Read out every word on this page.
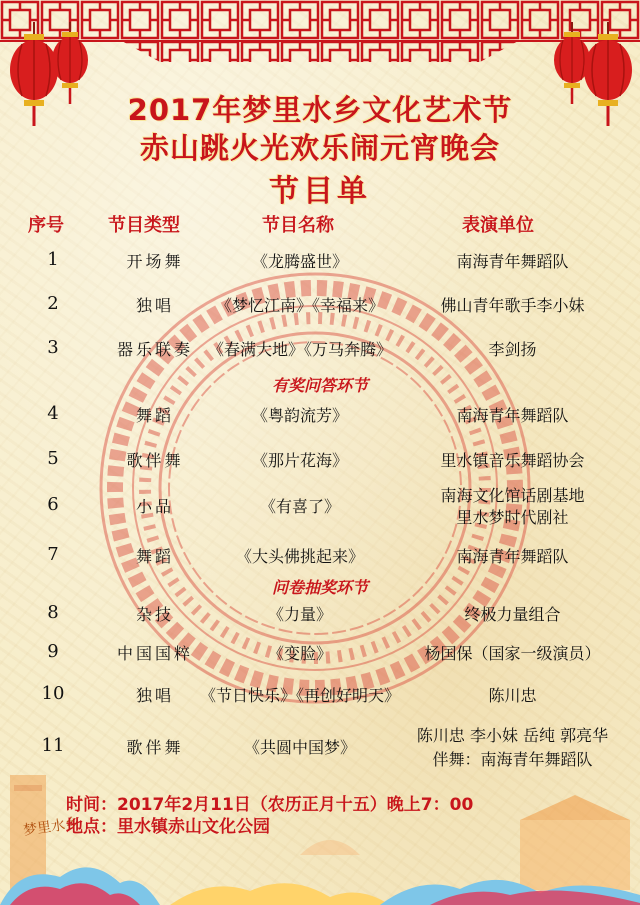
2017年梦里水乡文化艺术节
赤山跳火光欢乐闹元宵晚会
节目单
序号 节目类型	节目名称	表演单位
1	开场舞	《龙腾盛世》	南海青年舞蹈队
2	独唱	《梦忆江南》《幸福来》	佛山青年歌手李小妹
3	器乐联奏 《春满大地》《万马奔腾》	李剑扬
有奖问答环节
4	舞蹈	《粤韵流芳》	南海青年舞蹈队
5	歌伴舞	《那片花海》	里水镇音乐舞蹈协会
6	小品	《有喜了》
南海文化馆话剧基地
里水梦时代剧社
7	舞蹈	《大头佛挑起来》	南海青年舞蹈队
问卷抽奖环节
8	杂技	《力量》	终极力量组合
9	中国国粹	《变脸》	杨国保（国家一级演员）
10	独唱	《节日快乐》《再创好明天》	陈川忠
11	歌伴舞	《共圆中国梦》
陈川忠 李小妹 岳纯 郭亮华
伴舞：南海青年舞蹈队
梦里水乡
时间：2017年2月11日（农历正月十五）晚上7：00
地点：里水镇赤山文化公园
